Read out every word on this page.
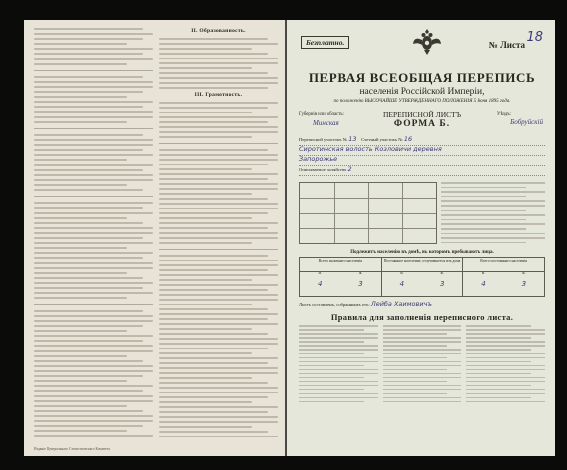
II. Образованность.
III. Грамотность.
Изданіе Центральнаго Статистическаго Комитета
Безплатно.	№ Листа 18
ПЕРВАЯ ВСЕОБЩАЯ ПЕРЕПИСЬ
населенія Россійской Имперіи,
по положенію ВЫСОЧАЙШЕ УТВЕРЖДЕННАГО ПОЛОЖЕНІЯ 5 Іюня 1895 года.
Губернія или область:
Минская
ПЕРЕПИСНОЙ ЛИСТЪ
ФОРМА Б.
Уѣздъ:
Бобруйскій
Переписной участокъ № 13 Счетный участокъ № 16
Сиротинская волость Козловичи деревня
Запорожье
Описываемое хозяйство 2
Подлежитъ населенію въ домѣ, въ которомъ пребываютъ лица.
Всего наличнаго населенія
м.	ж.
4	3
Постоянное население, отлучившееся изъ дома
м.	ж.
4	3
Всего постояннаго населенія
м.	ж.
4	3
Листъ составленъ, собраннымъ отъ: Лейба Хаимовичъ
Правила для заполненія переписного листа.
